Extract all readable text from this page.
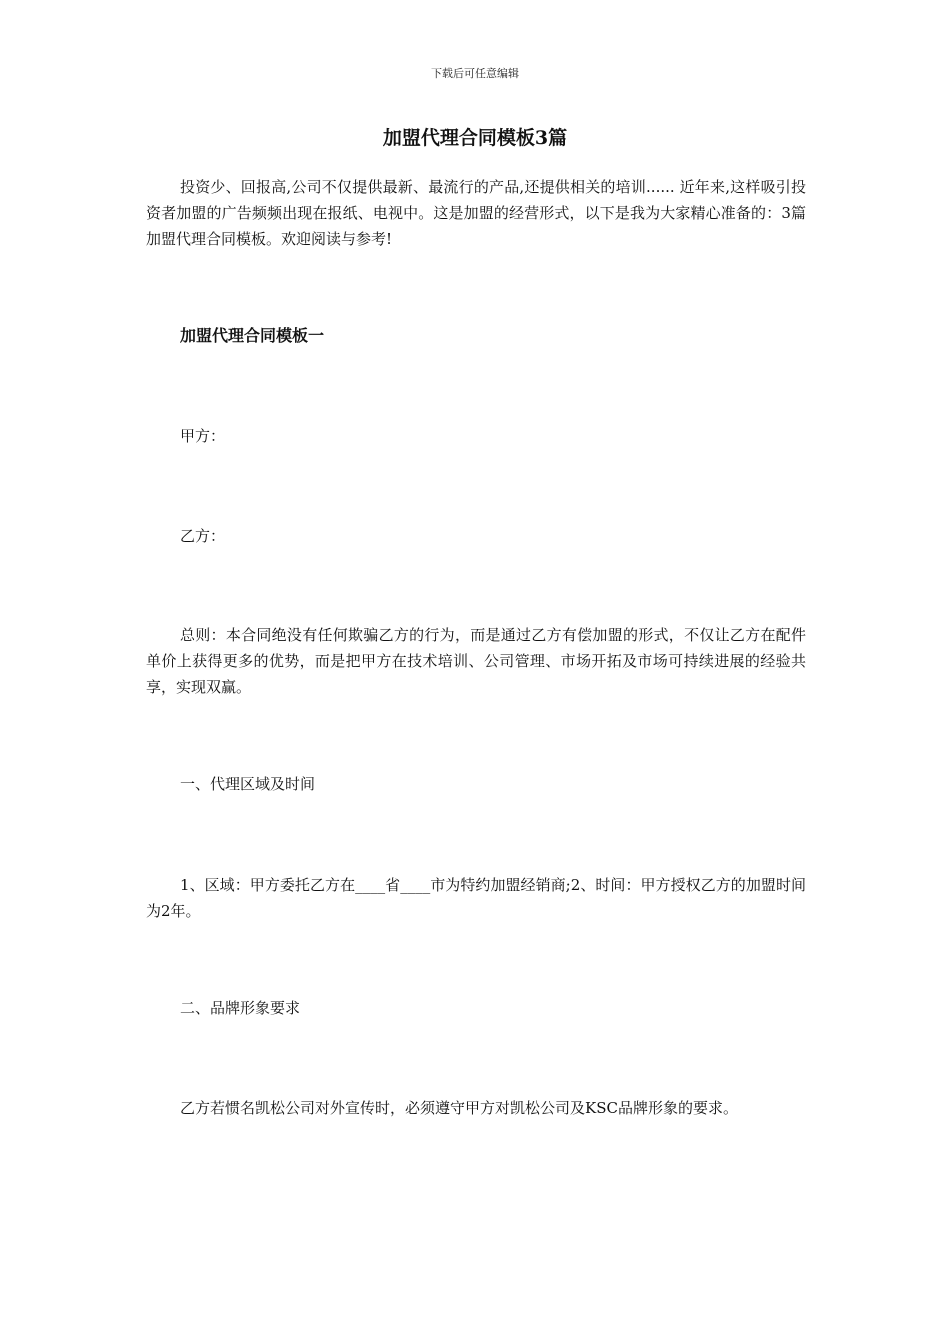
下载后可任意编辑
加盟代理合同模板3篇

投资少、回报高,公司不仅提供最新、最流行的产品,还提供相关的培训...... 近年来,这样吸引投资者加盟的广告频频出现在报纸、电视中。这是加盟的经营形式，以下是我为大家精心准备的：3篇加盟代理合同模板。欢迎阅读与参考!

加盟代理合同模板一

甲方：

乙方：

总则：本合同绝没有任何欺骗乙方的行为，而是通过乙方有偿加盟的形式，不仅让乙方在配件单价上获得更多的优势，而是把甲方在技术培训、公司管理、市场开拓及市场可持续进展的经验共享，实现双赢。

一、代理区域及时间

1、区域：甲方委托乙方在____省____市为特约加盟经销商;2、时间：甲方授权乙方的加盟时间为2年。

二、品牌形象要求

乙方若惯名凯松公司对外宣传时，必须遵守甲方对凯松公司及KSC品牌形象的要求。
